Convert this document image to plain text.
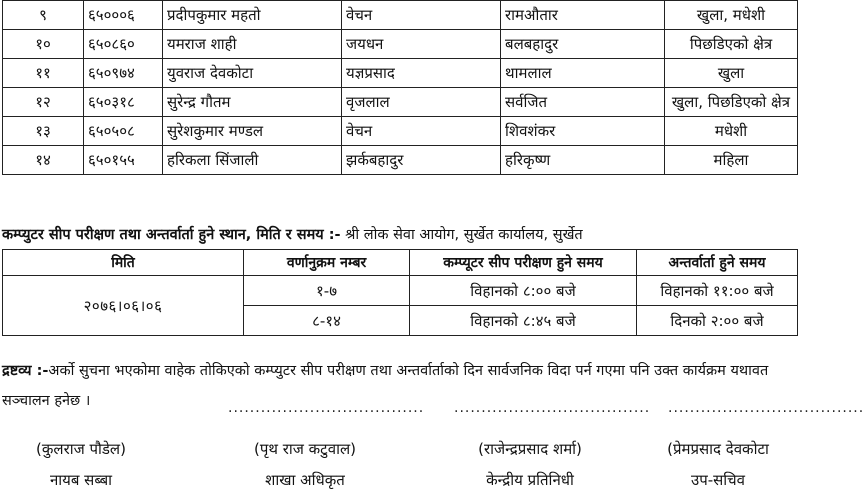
९	६५०००६	प्रदीपकुमार महतो	वेचन	रामऔतार	खुला, मधेशी
१०	६५०८६०	यमराज शाही	जयधन	बलबहादुर	पिछडिएको क्षेत्र
११	६५०९७४	युवराज देवकोटा	यज्ञप्रसाद	थामलाल	खुला
१२	६५०३१८	सुरेन्द्र गौतम	वृजलाल	सर्वजित	खुला, पिछडिएको क्षेत्र
१३	६५०५०८	सुरेशकुमार मण्डल	वेचन	शिवशंकर	मधेशी
१४	६५०१५५	हरिकला सिंजाली	झर्कबहादुर	हरिकृष्ण	महिला
कम्प्युटर सीप परीक्षण तथा अन्तर्वार्ता हुने स्थान, मिति र समय :- श्री लोक सेवा आयोग, सुर्खेत कार्यालय, सुर्खेत
मिति	वर्णानुक्रम नम्बर	कम्प्यूटर सीप परीक्षण हुने समय	अन्तर्वार्ता हुने समय
२०७६।०६।०६	१-७	विहानको ८:०० बजे	विहानको ११:०० बजे
	८-१४	विहानको ८:४५ बजे	दिनको २:०० बजे
द्रष्टव्य :-अर्को सुचना भएकोमा वाहेक तोकिएको कम्प्युटर सीप परीक्षण तथा अन्तर्वार्ताको दिन सार्वजनिक विदा पर्न गएमा पनि उक्त कार्यक्रम यथावत सञ्चालन हनेछ ।	.................................... .................................... ....................................
(कुलराज पौडेल)
नायब सब्बा
(पृथ राज कटुवाल)
शाखा अधिकृत
(राजेन्द्रप्रसाद शर्मा)
केन्द्रीय प्रतिनिधी
(प्रेमप्रसाद देवकोटा
उप-सचिव
